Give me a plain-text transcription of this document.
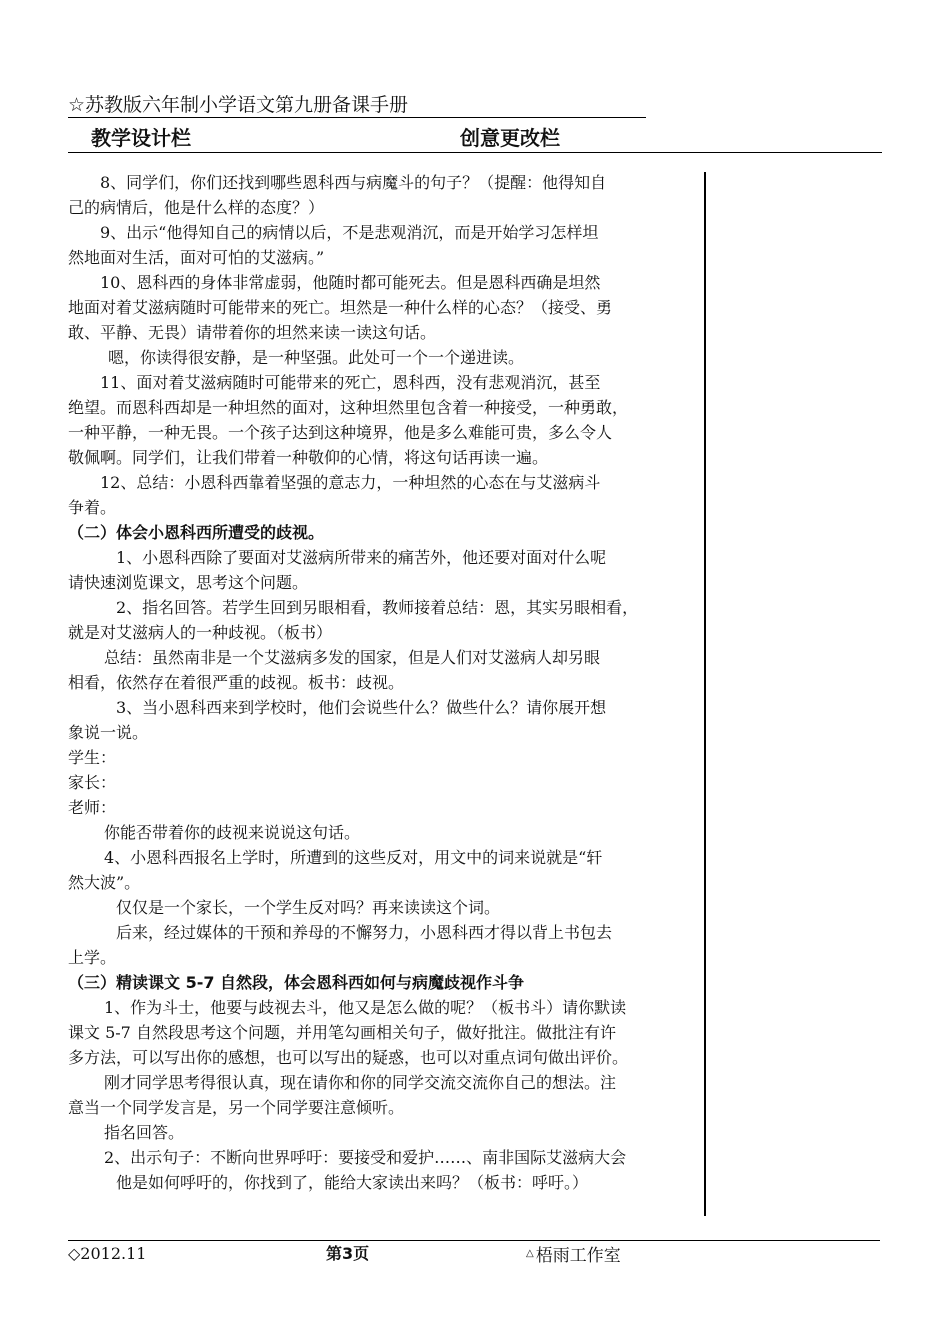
☆苏教版六年制小学语文第九册备课手册
教学设计栏	创意更改栏
8、同学们，你们还找到哪些恩科西与病魔斗的句子？（提醒：他得知自
己的病情后，他是什么样的态度？）
9、出示“他得知自己的病情以后，不是悲观消沉，而是开始学习怎样坦
然地面对生活，面对可怕的艾滋病。”
10、恩科西的身体非常虚弱，他随时都可能死去。但是恩科西确是坦然
地面对着艾滋病随时可能带来的死亡。坦然是一种什么样的心态？（接受、勇
敢、平静、无畏）请带着你的坦然来读一读这句话。
嗯，你读得很安静，是一种坚强。此处可一个一个递进读。
11、面对着艾滋病随时可能带来的死亡，恩科西，没有悲观消沉，甚至
绝望。而恩科西却是一种坦然的面对，这种坦然里包含着一种接受，一种勇敢，
一种平静，一种无畏。一个孩子达到这种境界，他是多么难能可贵，多么令人
敬佩啊。同学们，让我们带着一种敬仰的心情，将这句话再读一遍。
12、总结：小恩科西靠着坚强的意志力，一种坦然的心态在与艾滋病斗
争着。
（二）体会小恩科西所遭受的歧视。
1、小恩科西除了要面对艾滋病所带来的痛苦外，他还要对面对什么呢
请快速浏览课文，思考这个问题。
2、指名回答。若学生回到另眼相看，教师接着总结：恩，其实另眼相看，
就是对艾滋病人的一种歧视。（板书）
总结：虽然南非是一个艾滋病多发的国家，但是人们对艾滋病人却另眼
相看，依然存在着很严重的歧视。板书：歧视。
3、当小恩科西来到学校时，他们会说些什么？做些什么？请你展开想
象说一说。
学生：
家长：
老师：
你能否带着你的歧视来说说这句话。
4、小恩科西报名上学时，所遭到的这些反对，用文中的词来说就是“轩
然大波”。
仅仅是一个家长，一个学生反对吗？再来读读这个词。
后来，经过媒体的干预和养母的不懈努力，小恩科西才得以背上书包去
上学。
（三）精读课文 5-7 自然段，体会恩科西如何与病魔歧视作斗争
1、作为斗士，他要与歧视去斗，他又是怎么做的呢？（板书斗）请你默读
课文 5-7 自然段思考这个问题，并用笔勾画相关句子，做好批注。做批注有许
多方法，可以写出你的感想，也可以写出的疑惑，也可以对重点词句做出评价。
刚才同学思考得很认真，现在请你和你的同学交流交流你自己的想法。注
意当一个同学发言是，另一个同学要注意倾听。
指名回答。
2、出示句子：不断向世界呼吁：要接受和爱护……、南非国际艾滋病大会
他是如何呼吁的，你找到了，能给大家读出来吗？（板书：呼吁。）
◇2012.11	第3页	△ 梧雨工作室
